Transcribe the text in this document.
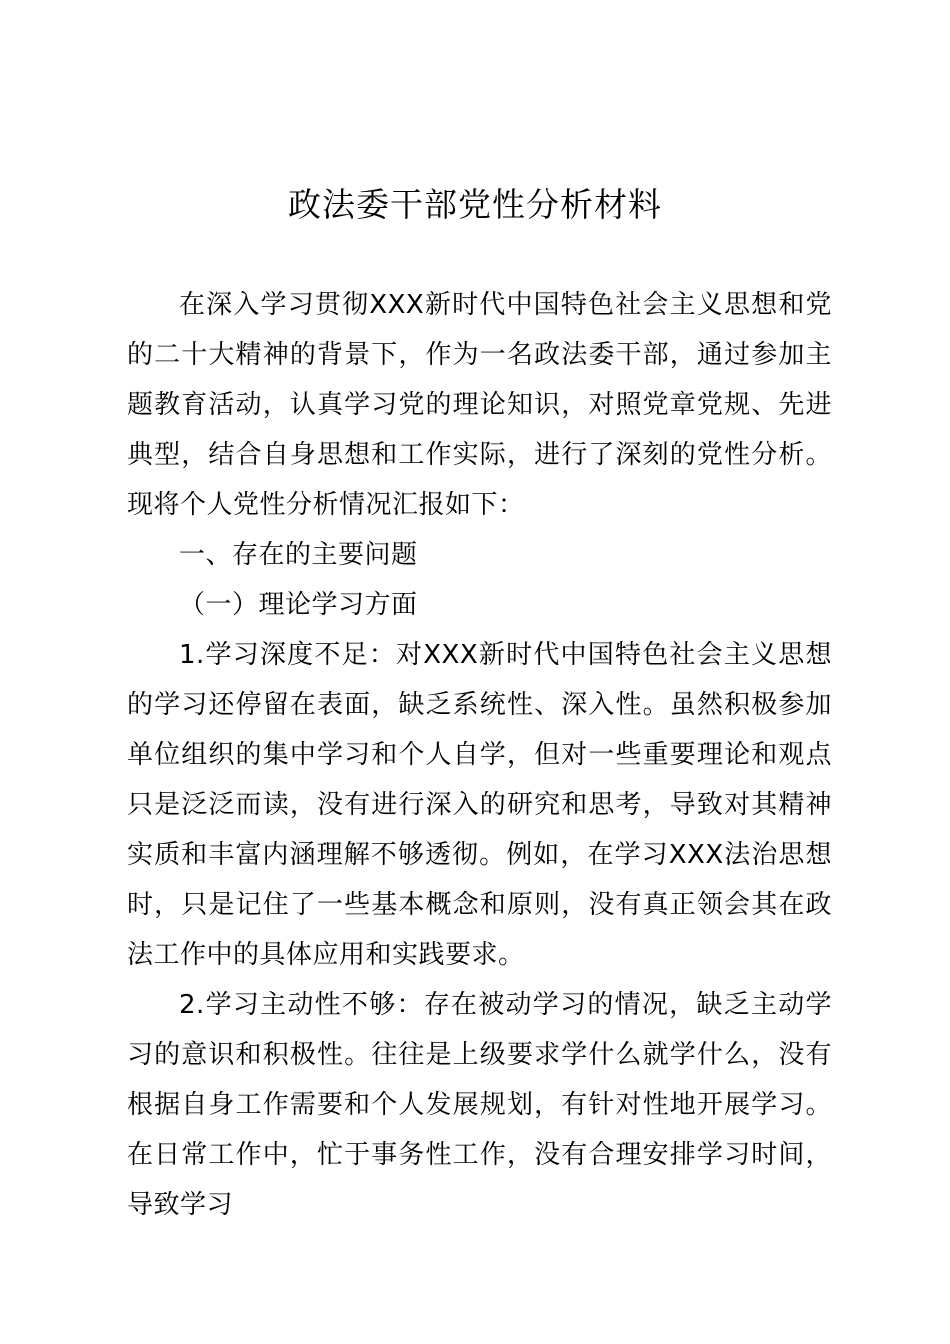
政法委干部党性分析材料

在深入学习贯彻XXX新时代中国特色社会主义思想和党的二十大精神的背景下，作为一名政法委干部，通过参加主题教育活动，认真学习党的理论知识，对照党章党规、先进典型，结合自身思想和工作实际，进行了深刻的党性分析。现将个人党性分析情况汇报如下：

一、存在的主要问题

（一）理论学习方面

1.学习深度不足：对XXX新时代中国特色社会主义思想的学习还停留在表面，缺乏系统性、深入性。虽然积极参加单位组织的集中学习和个人自学，但对一些重要理论和观点只是泛泛而读，没有进行深入的研究和思考，导致对其精神实质和丰富内涵理解不够透彻。例如，在学习XXX法治思想时，只是记住了一些基本概念和原则，没有真正领会其在政法工作中的具体应用和实践要求。

2.学习主动性不够：存在被动学习的情况，缺乏主动学习的意识和积极性。往往是上级要求学什么就学什么，没有根据自身工作需要和个人发展规划，有针对性地开展学习。在日常工作中，忙于事务性工作，没有合理安排学习时间，导致学习
